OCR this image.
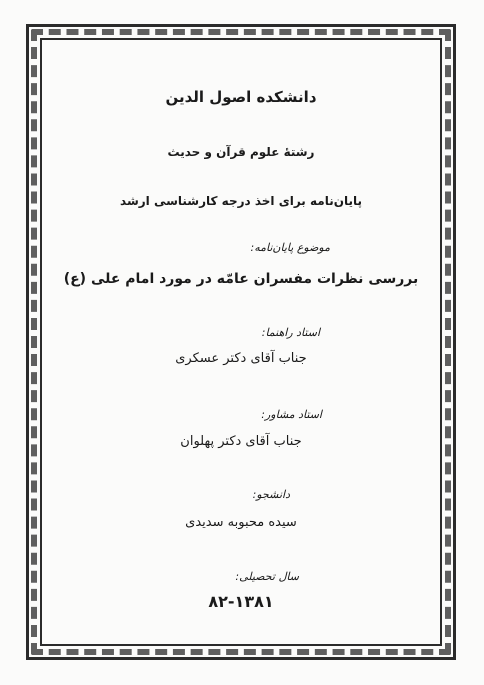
دانشکده اصول الدین
رشتهٔ علوم قرآن و حدیث
پایان‌نامه برای اخذ درجه کارشناسی ارشد
موضوع پایان‌نامه:
بررسی نظرات مفسران عامّه در مورد امام علی (ع)
استاد راهنما:
جناب آقای دکتر عسکری
استاد مشاور:
جناب آقای دکتر پهلوان
دانشجو:
سیده محبوبه سدیدی
سال تحصیلی:
۸۲-۱۳۸۱
